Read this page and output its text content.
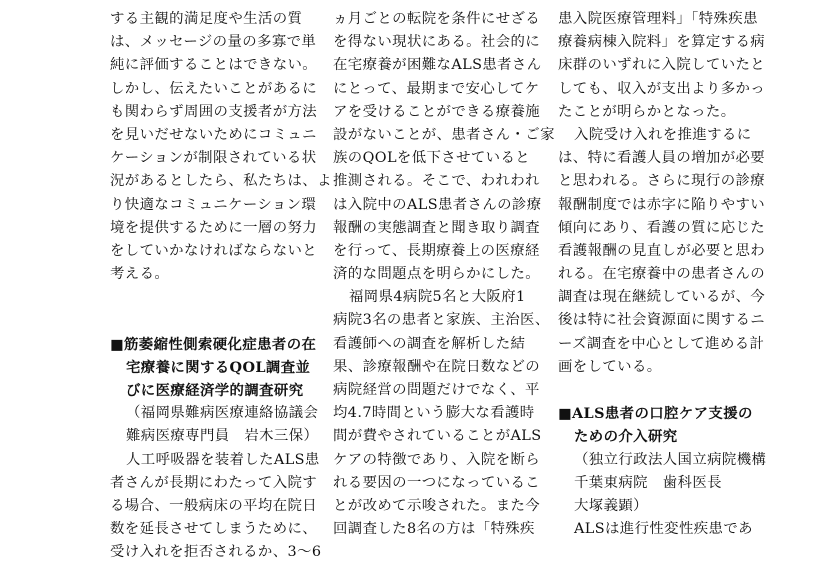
する主観的満足度や生活の質
は、メッセージの量の多寡で単
純に評価することはできない。
しかし、伝えたいことがあるに
も関わらず周囲の支援者が方法
を見いだせないためにコミュニ
ケーションが制限されている状
況があるとしたら、私たちは、よ
り快適なコミュニケーション環
境を提供するために一層の努力
をしていかなければならないと
考える。
■筋萎縮性側索硬化症患者の在
宅療養に関するQOL調査並
びに医療経済学的調査研究
（福岡県難病医療連絡協議会
難病医療専門員　岩木三保）
人工呼吸器を装着したALS患
者さんが長期にわたって入院す
る場合、一般病床の平均在院日
数を延長させてしまうために、
受け入れを拒否されるか、3〜6
ヵ月ごとの転院を条件にせざる
を得ない現状にある。社会的に
在宅療養が困難なALS患者さん
にとって、最期まで安心してケ
アを受けることができる療養施
設がないことが、患者さん・ご家
族のQOLを低下させていると
推測される。そこで、われわれ
は入院中のALS患者さんの診療
報酬の実態調査と聞き取り調査
を行って、長期療養上の医療経
済的な問題点を明らかにした。
福岡県4病院5名と大阪府1
病院3名の患者と家族、主治医、
看護師への調査を解析した結
果、診療報酬や在院日数などの
病院経営の問題だけでなく、平
均4.7時間という膨大な看護時
間が費やされていることがALS
ケアの特徴であり、入院を断ら
れる要因の一つになっているこ
とが改めて示唆された。また今
回調査した8名の方は「特殊疾
患入院医療管理料」「特殊疾患
療養病棟入院料」を算定する病
床群のいずれに入院していたと
しても、収入が支出より多かっ
たことが明らかとなった。
入院受け入れを推進するに
は、特に看護人員の増加が必要
と思われる。さらに現行の診療
報酬制度では赤字に陥りやすい
傾向にあり、看護の質に応じた
看護報酬の見直しが必要と思わ
れる。在宅療養中の患者さんの
調査は現在継続しているが、今
後は特に社会資源面に関するニ
ーズ調査を中心として進める計
画をしている。
■ALS患者の口腔ケア支援の
ための介入研究
（独立行政法人国立病院機構
千葉東病院　歯科医長
大塚義顕）
ALSは進行性変性疾患であ
